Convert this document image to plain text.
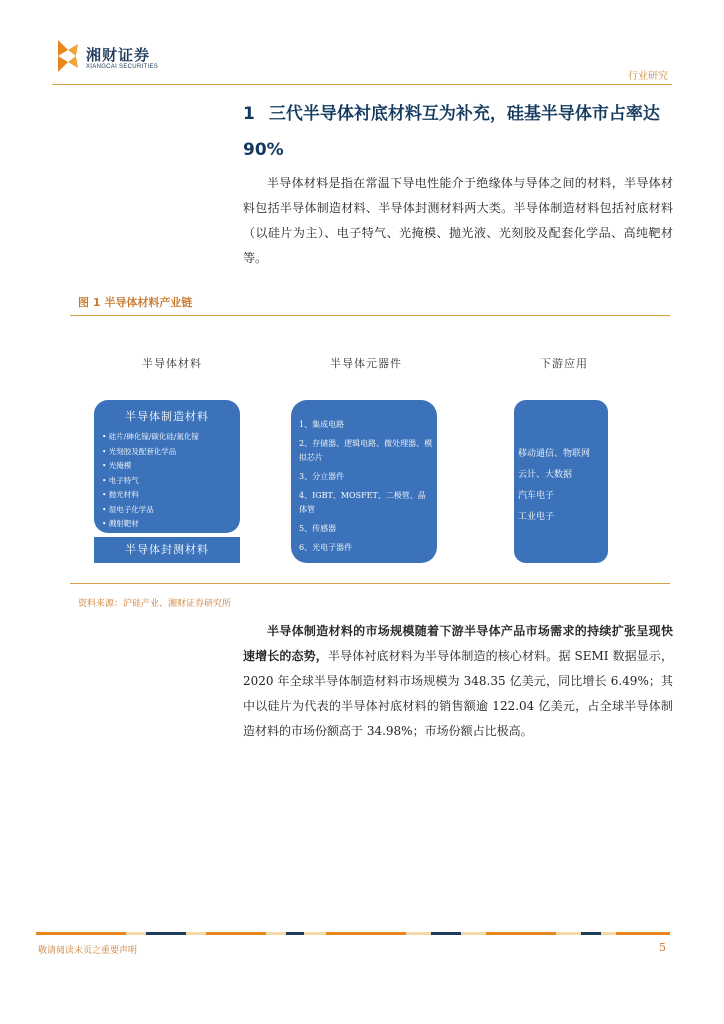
湘财证券
XIANGCAI SECURITIES
行业研究
1 三代半导体衬底材料互为补充，硅基半导体市占率达 90%
半导体材料是指在常温下导电性能介于绝缘体与导体之间的材料，半导体材料包括半导体制造材料、半导体封测材料两大类。半导体制造材料包括衬底材料（以硅片为主）、电子特气、光掩模、抛光液、光刻胶及配套化学品、高纯靶材等。
图 1 半导体材料产业链
半导体材料	半导体元器件	下游应用
半导体制造材料
• 硅片/砷化镓/碳化硅/氮化镓
• 光刻胶及配套化学品
• 光掩模
• 电子特气
• 抛光材料
• 湿电子化学品
• 溅射靶材
半导体封测材料
1、集成电路
2、存储器、逻辑电路、微处理器、模拟芯片
3、分立器件
4、IGBT、MOSFET、二极管、晶体管
5、传感器
6、光电子器件
移动通信、物联网
云计、大数据
汽车电子
工业电子
资料来源：沪硅产业、湘财证券研究所
半导体制造材料的市场规模随着下游半导体产品市场需求的持续扩张呈现快速增长的态势，半导体衬底材料为半导体制造的核心材料。据 SEMI 数据显示，2020 年全球半导体制造材料市场规模为 348.35 亿美元，同比增长 6.49%；其中以硅片为代表的半导体衬底材料的销售额逾 122.04 亿美元，占全球半导体制造材料的市场份额高于 34.98%；市场份额占比极高。
敬请阅读末页之重要声明	5
